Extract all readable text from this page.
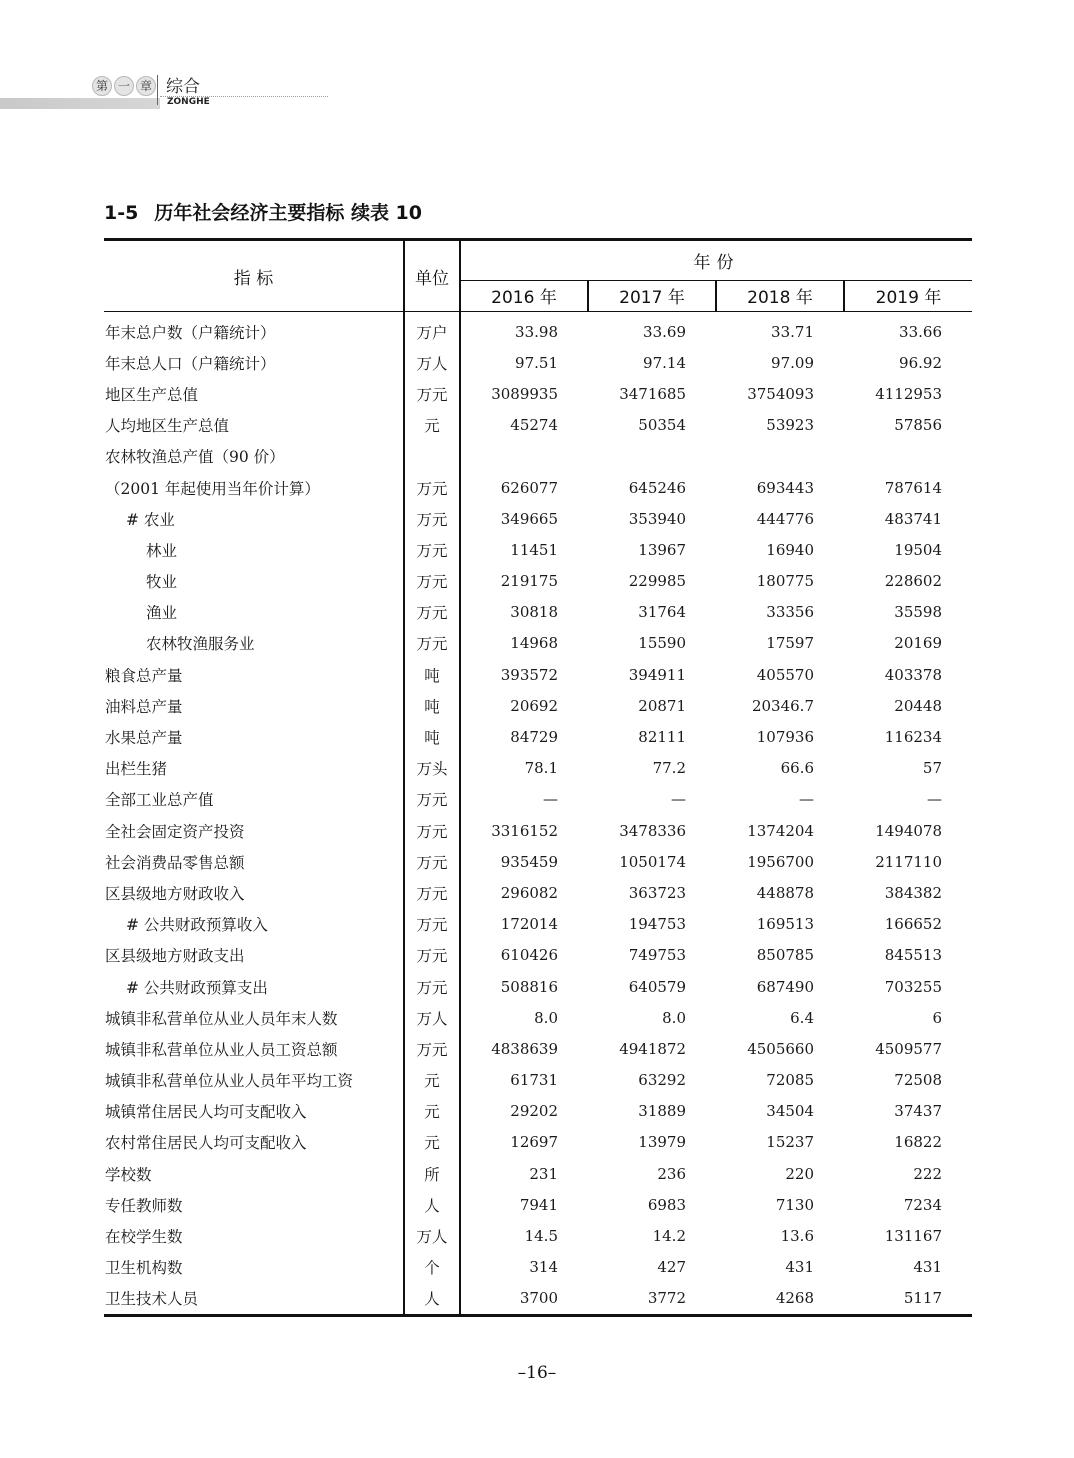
第 一 章 综合
ZONGHE
1-5 历年社会经济主要指标 续表 10
指 标	单位	年份			
		2016 年	2017 年	2018 年	2019 年
年末总户数（户籍统计）	万户	33.98	33.69	33.71	33.66
年末总人口（户籍统计）	万人	97.51	97.14	97.09	96.92
地区生产总值	万元	3089935	3471685	3754093	4112953
人均地区生产总值	元	45274	50354	53923	57856
农林牧渔总产值（90 价）					
（2001 年起使用当年价计算）	万元	626077	645246	693443	787614
# 农业	万元	349665	353940	444776	483741
林业	万元	11451	13967	16940	19504
牧业	万元	219175	229985	180775	228602
渔业	万元	30818	31764	33356	35598
农林牧渔服务业	万元	14968	15590	17597	20169
粮食总产量	吨	393572	394911	405570	403378
油料总产量	吨	20692	20871	20346.7	20448
水果总产量	吨	84729	82111	107936	116234
出栏生猪	万头	78.1	77.2	66.6	57
全部工业总产值	万元	—	—	—	—
全社会固定资产投资	万元	3316152	3478336	1374204	1494078
社会消费品零售总额	万元	935459	1050174	1956700	2117110
区县级地方财政收入	万元	296082	363723	448878	384382
# 公共财政预算收入	万元	172014	194753	169513	166652
区县级地方财政支出	万元	610426	749753	850785	845513
# 公共财政预算支出	万元	508816	640579	687490	703255
城镇非私营单位从业人员年末人数	万人	8.0	8.0	6.4	6
城镇非私营单位从业人员工资总额	万元	4838639	4941872	4505660	4509577
城镇非私营单位从业人员年平均工资	元	61731	63292	72085	72508
城镇常住居民人均可支配收入	元	29202	31889	34504	37437
农村常住居民人均可支配收入	元	12697	13979	15237	16822
学校数	所	231	236	220	222
专任教师数	人	7941	6983	7130	7234
在校学生数	万人	14.5	14.2	13.6	131167
卫生机构数	个	314	427	431	431
卫生技术人员	人	3700	3772	4268	5117
–16–
